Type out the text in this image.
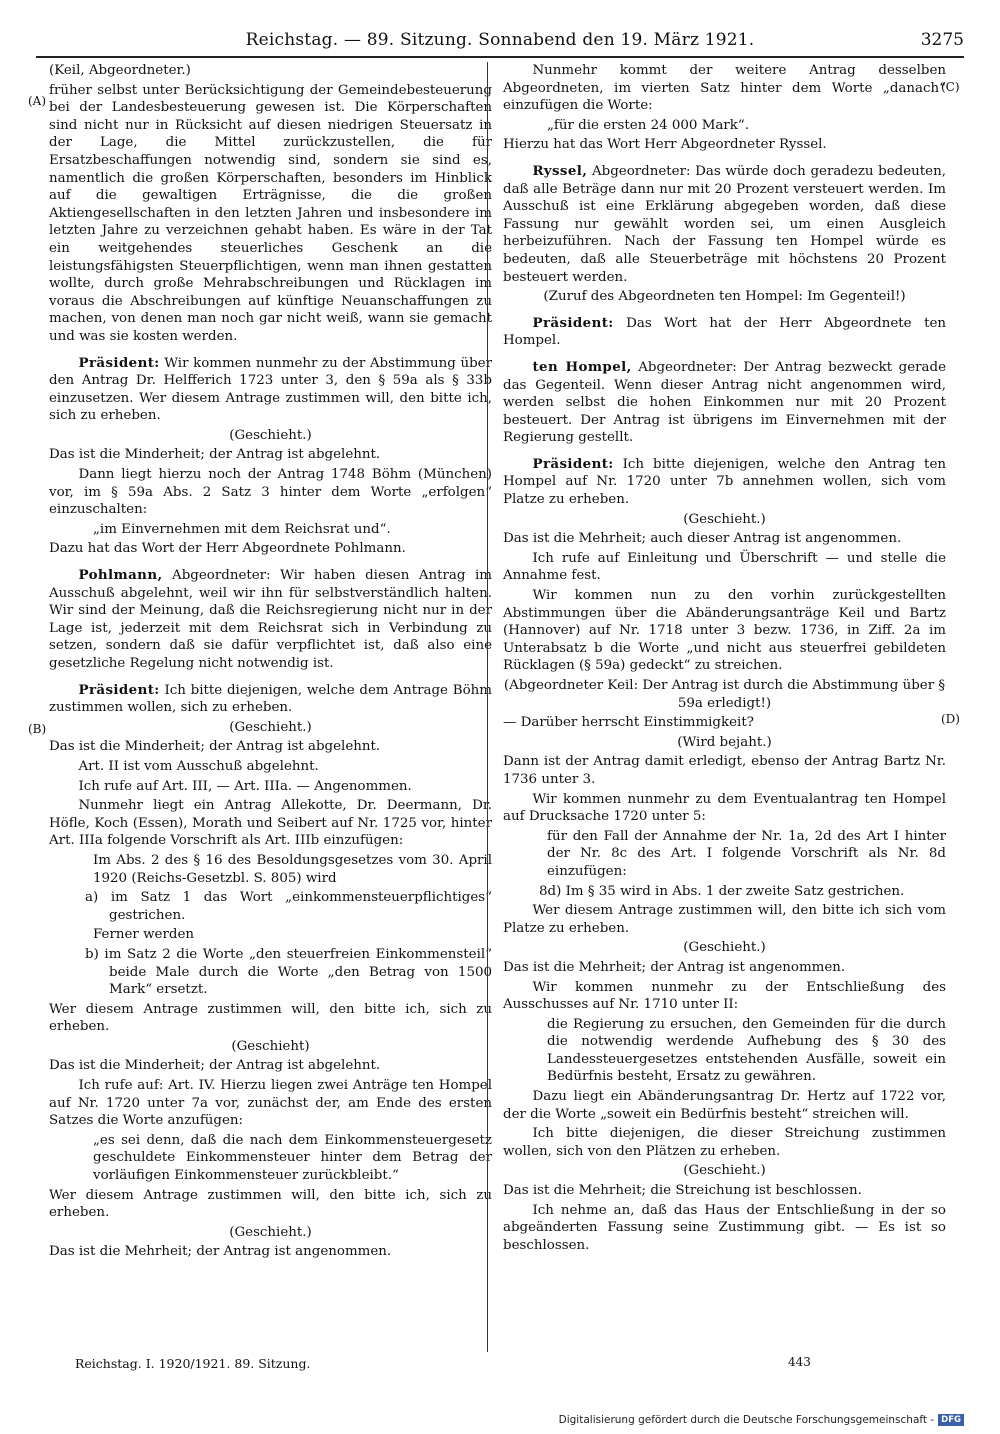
Reichstag. — 89. Sitzung. Sonnabend den 19. März 1921.	3275

(Keil, Abgeordneter.)

früher selbst unter Berücksichtigung der Gemeindebesteuerung bei der Landesbesteuerung gewesen ist. Die Körperschaften sind nicht nur in Rücksicht auf diesen niedrigen Steuersatz in der Lage, die Mittel zurückzustellen, die für Ersatzbeschaffungen notwendig sind, sondern sie sind es, namentlich die großen Körperschaften, besonders im Hinblick auf die gewaltigen Erträgnisse, die die großen Aktiengesellschaften in den letzten Jahren und insbesondere im letzten Jahre zu verzeichnen gehabt haben. Es wäre in der Tat ein weitgehendes steuerliches Geschenk an die leistungsfähigsten Steuerpflichtigen, wenn man ihnen gestatten wollte, durch große Mehrabschreibungen und Rücklagen im voraus die Abschreibungen auf künftige Neuanschaffungen zu machen, von denen man noch gar nicht weiß, wann sie gemacht und was sie kosten werden.

Präsident: Wir kommen nunmehr zu der Abstimmung über den Antrag Dr. Helfferich 1723 unter 3, den § 59a als § 33b einzusetzen. Wer diesem Antrage zustimmen will, den bitte ich, sich zu erheben.

(Geschieht.)

Das ist die Minderheit; der Antrag ist abgelehnt.

Dann liegt hierzu noch der Antrag 1748 Böhm (München) vor, im § 59a Abs. 2 Satz 3 hinter dem Worte „erfolgen“ einzuschalten:

„im Einvernehmen mit dem Reichsrat und“.

Dazu hat das Wort der Herr Abgeordnete Pohlmann.

Pohlmann, Abgeordneter: Wir haben diesen Antrag im Ausschuß abgelehnt, weil wir ihn für selbstverständlich halten. Wir sind der Meinung, daß die Reichsregierung nicht nur in der Lage ist, jederzeit mit dem Reichsrat sich in Verbindung zu setzen, sondern daß sie dafür verpflichtet ist, daß also eine gesetzliche Regelung nicht notwendig ist.

Präsident: Ich bitte diejenigen, welche dem Antrage Böhm zustimmen wollen, sich zu erheben.

(Geschieht.)

Das ist die Minderheit; der Antrag ist abgelehnt.

Art. II ist vom Ausschuß abgelehnt.

Ich rufe auf Art. III, — Art. IIIa. — Angenommen.

Nunmehr liegt ein Antrag Allekotte, Dr. Deermann, Dr. Höfle, Koch (Essen), Morath und Seibert auf Nr. 1725 vor, hinter Art. IIIa folgende Vorschrift als Art. IIIb einzufügen:

Im Abs. 2 des § 16 des Besoldungsgesetzes vom 30. April 1920 (Reichs-Gesetzbl. S. 805) wird

a) im Satz 1 das Wort „einkommensteuerpflichtiges“ gestrichen.

Ferner werden

b) im Satz 2 die Worte „den steuerfreien Einkommensteil“ beide Male durch die Worte „den Betrag von 1500 Mark“ ersetzt.

Wer diesem Antrage zustimmen will, den bitte ich, sich zu erheben.

(Geschieht)

Das ist die Minderheit; der Antrag ist abgelehnt.

Ich rufe auf: Art. IV. Hierzu liegen zwei Anträge ten Hompel auf Nr. 1720 unter 7a vor, zunächst der, am Ende des ersten Satzes die Worte anzufügen:

„es sei denn, daß die nach dem Einkommensteuergesetz geschuldete Einkommensteuer hinter dem Betrag der vorläufigen Einkommensteuer zurückbleibt.“

Wer diesem Antrage zustimmen will, den bitte ich, sich zu erheben.

(Geschieht.)

Das ist die Mehrheit; der Antrag ist angenommen.

Nunmehr kommt der weitere Antrag desselben Abgeordneten, im vierten Satz hinter dem Worte „danach“ einzufügen die Worte:

„für die ersten 24 000 Mark“.

Hierzu hat das Wort Herr Abgeordneter Ryssel.

Ryssel, Abgeordneter: Das würde doch geradezu bedeuten, daß alle Beträge dann nur mit 20 Prozent versteuert werden. Im Ausschuß ist eine Erklärung abgegeben worden, daß diese Fassung nur gewählt worden sei, um einen Ausgleich herbeizuführen. Nach der Fassung ten Hompel würde es bedeuten, daß alle Steuerbeträge mit höchstens 20 Prozent besteuert werden.

(Zuruf des Abgeordneten ten Hompel: Im Gegenteil!)

Präsident: Das Wort hat der Herr Abgeordnete ten Hompel.

ten Hompel, Abgeordneter: Der Antrag bezweckt gerade das Gegenteil. Wenn dieser Antrag nicht angenommen wird, werden selbst die hohen Einkommen nur mit 20 Prozent besteuert. Der Antrag ist übrigens im Einvernehmen mit der Regierung gestellt.

Präsident: Ich bitte diejenigen, welche den Antrag ten Hompel auf Nr. 1720 unter 7b annehmen wollen, sich vom Platze zu erheben.

(Geschieht.)

Das ist die Mehrheit; auch dieser Antrag ist angenommen.

Ich rufe auf Einleitung und Überschrift — und stelle die Annahme fest.

Wir kommen nun zu den vorhin zurückgestellten Abstimmungen über die Abänderungsanträge Keil und Bartz (Hannover) auf Nr. 1718 unter 3 bezw. 1736, in Ziff. 2a im Unterabsatz b die Worte „und nicht aus steuerfrei gebildeten Rücklagen (§ 59a) gedeckt“ zu streichen.

(Abgeordneter Keil: Der Antrag ist durch die Abstimmung über § 59a erledigt!)

— Darüber herrscht Einstimmigkeit?

(Wird bejaht.)

Dann ist der Antrag damit erledigt, ebenso der Antrag Bartz Nr. 1736 unter 3.

Wir kommen nunmehr zu dem Eventualantrag ten Hompel auf Drucksache 1720 unter 5:

für den Fall der Annahme der Nr. 1a, 2d des Art I hinter der Nr. 8c des Art. I folgende Vorschrift als Nr. 8d einzufügen:

8d) Im § 35 wird in Abs. 1 der zweite Satz gestrichen.

Wer diesem Antrage zustimmen will, den bitte ich sich vom Platze zu erheben.

(Geschieht.)

Das ist die Mehrheit; der Antrag ist angenommen.

Wir kommen nunmehr zu der Entschließung des Ausschusses auf Nr. 1710 unter II:

die Regierung zu ersuchen, den Gemeinden für die durch die notwendig werdende Aufhebung des § 30 des Landessteuergesetzes entstehenden Ausfälle, soweit ein Bedürfnis besteht, Ersatz zu gewähren.

Dazu liegt ein Abänderungsantrag Dr. Hertz auf 1722 vor, der die Worte „soweit ein Bedürfnis besteht“ streichen will.

Ich bitte diejenigen, die dieser Streichung zustimmen wollen, sich von den Plätzen zu erheben.

(Geschieht.)

Das ist die Mehrheit; die Streichung ist beschlossen.

Ich nehme an, daß das Haus der Entschließung in der so abgeänderten Fassung seine Zustimmung gibt. — Es ist so beschlossen.

(A)
(B)
(C)
(D)
Reichstag. I. 1920/1921. 89. Sitzung.	443
Digitalisierung gefördert durch die Deutsche Forschungsgemeinschaft - DFG
